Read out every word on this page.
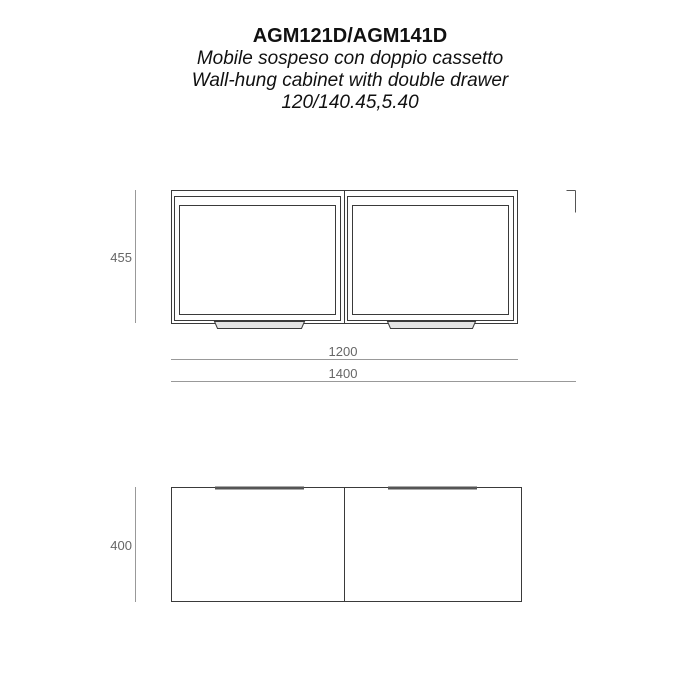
AGM121D/AGM141D
Mobile sospeso con doppio cassetto
Wall-hung cabinet with double drawer
120/140.45,5.40
455
1200
1400
400
